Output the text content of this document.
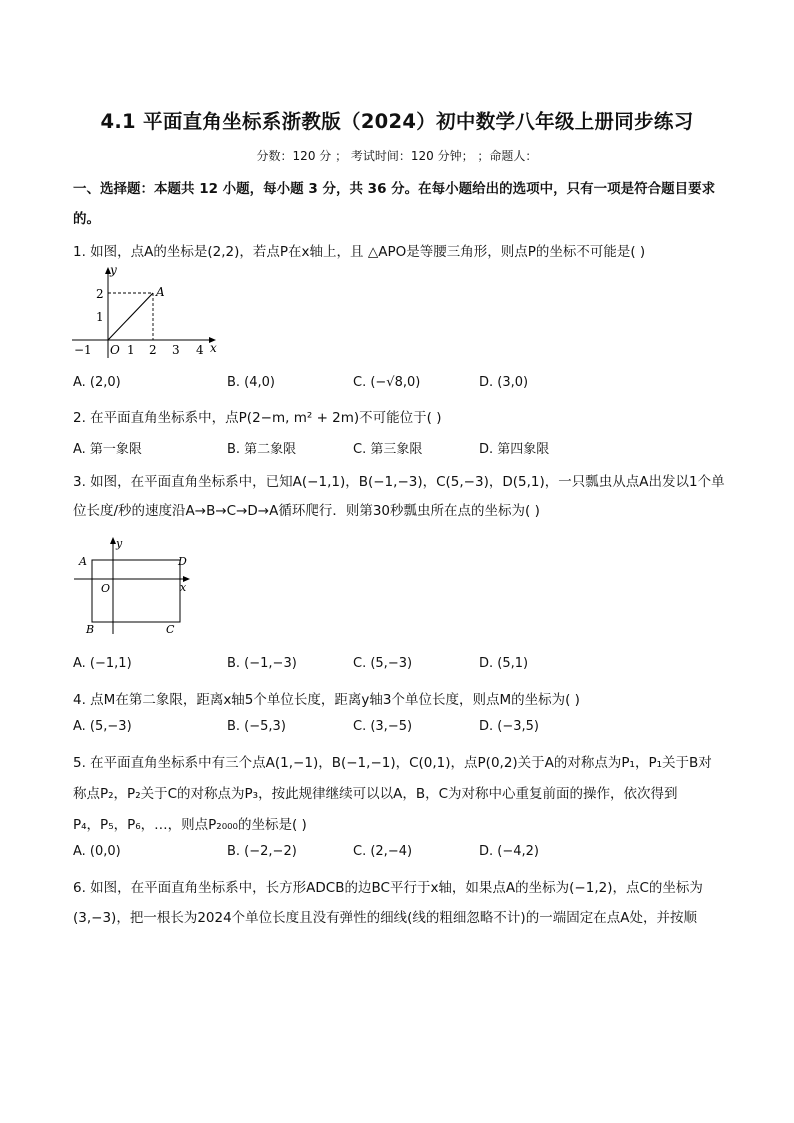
4.1 平面直角坐标系浙教版（2024）初中数学八年级上册同步练习
分数：120 分 ； 考试时间：120 分钟； ；命题人：
一、选择题：本题共 12 小题，每小题 3 分，共 36 分。在每小题给出的选项中，只有一项是符合题目要求
的。
1. 如图，点A的坐标是(2,2)，若点P在x轴上，且 △APO是等腰三角形，则点P的坐标不可能是( )
y
x
A
O
−1	1 2 3 4
1
2
A. (2,0)	B. (4,0)	C. (−√8,0)	D. (3,0)
2. 在平面直角坐标系中，点P(2−m, m² + 2m)不可能位于( )
A. 第一象限	B. 第二象限	C. 第三象限	D. 第四象限
3. 如图，在平面直角坐标系中，已知A(−1,1)，B(−1,−3)，C(5,−3)，D(5,1)，一只瓢虫从点A出发以1个单
位长度/秒的速度沿A→B→C→D→A循环爬行．则第30秒瓢虫所在点的坐标为( )
y
x
O
A
B	C
D
A. (−1,1)	B. (−1,−3)	C. (5,−3)	D. (5,1)
4. 点M在第二象限，距离x轴5个单位长度，距离y轴3个单位长度，则点M的坐标为( )
A. (5,−3)	B. (−5,3)	C. (3,−5)	D. (−3,5)
5. 在平面直角坐标系中有三个点A(1,−1)，B(−1,−1)，C(0,1)，点P(0,2)关于A的对称点为P₁，P₁关于B对
称点P₂，P₂关于C的对称点为P₃，按此规律继续可以以A，B，C为对称中心重复前面的操作，依次得到
P₄，P₅，P₆，…，则点P₂₀₀₀的坐标是( )
A. (0,0)	B. (−2,−2)	C. (2,−4)	D. (−4,2)
6. 如图，在平面直角坐标系中，长方形ADCB的边BC平行于x轴，如果点A的坐标为(−1,2)，点C的坐标为
(3,−3)，把一根长为2024个单位长度且没有弹性的细线(线的粗细忽略不计)的一端固定在点A处，并按顺
